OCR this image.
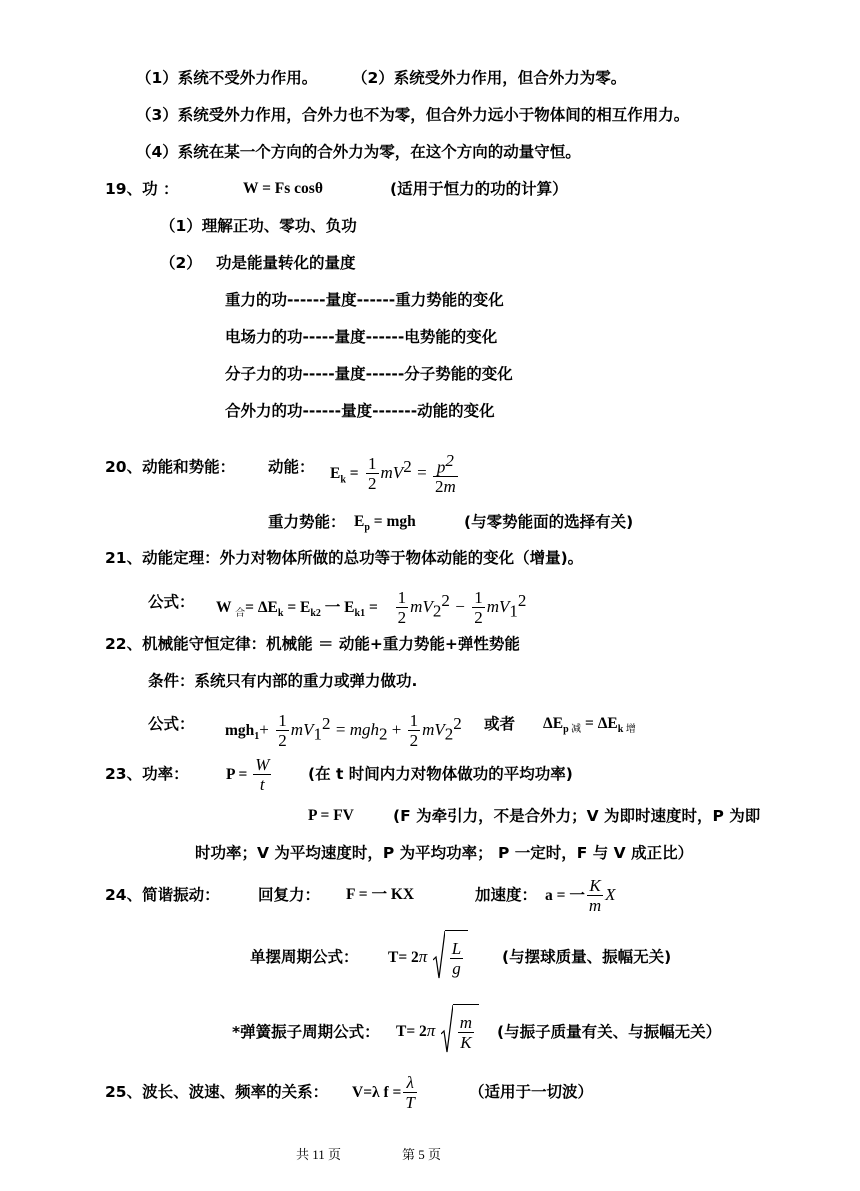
（1）系统不受外力作用。 （2）系统受外力作用，但合外力为零。
（3）系统受外力作用，合外力也不为零，但合外力远小于物体间的相互作用力。
（4）系统在某一个方向的合外力为零，在这个方向的动量守恒。
19、功 ：	W = Fs cosθ	(适用于恒力的功的计算）
（1）理解正功、零功、负功
（2） 功是能量转化的量度
重力的功------量度------重力势能的变化
电场力的功-----量度------电势能的变化
分子力的功-----量度------分子势能的变化
合外力的功------量度-------动能的变化
20、动能和势能： 动能： $E_k = \frac{1}{2} mV^2 = \frac{p^2}{2m}$
重力势能： $E_p$ = mgh	(与零势能面的选择有关)
21、动能定理：外力对物体所做的总功等于物体动能的变化（增量)。
公式： W $_合= \Delta E_k = E_{k2}$ 一 $E_{k1} = \frac{1}{2} mV_2^2 - \frac{1}{2} mV_1^2$
22、机械能守恒定律：机械能 ＝ 动能+重力势能+弹性势能
条件：系统只有内部的重力或弹力做功.
公式： $mgh_1+ \frac{1}{2} mV_1^2 = mgh_2 + \frac{1}{2} mV_2^2$ 或者 $\Delta E_{p 减} = \Delta E_{k 增}$
23、功率： $P = \frac{W}{t}$ (在 t 时间内力对物体做功的平均功率)
P = FV	(F 为牵引力，不是合外力；V 为即时速度时，P 为即
时功率；V 为平均速度时，P 为平均功率； P 一定时，F 与 V 成正比）
24、简谐振动： 回复力： F = 一 KX	加速度： a = 一 $\frac{K}{m}$ X
单摆周期公式： $T= 2\pi \frac{L}{g}$	(与摆球质量、振幅无关)
*弹簧振子周期公式： $T= 2\pi \frac{m}{K}$ (与振子质量有关、与振幅无关）
25、波长、波速、频率的关系： V=λ $f = \frac{\lambda}{T}$	（适用于一切波）
共 11 页	第 5 页
